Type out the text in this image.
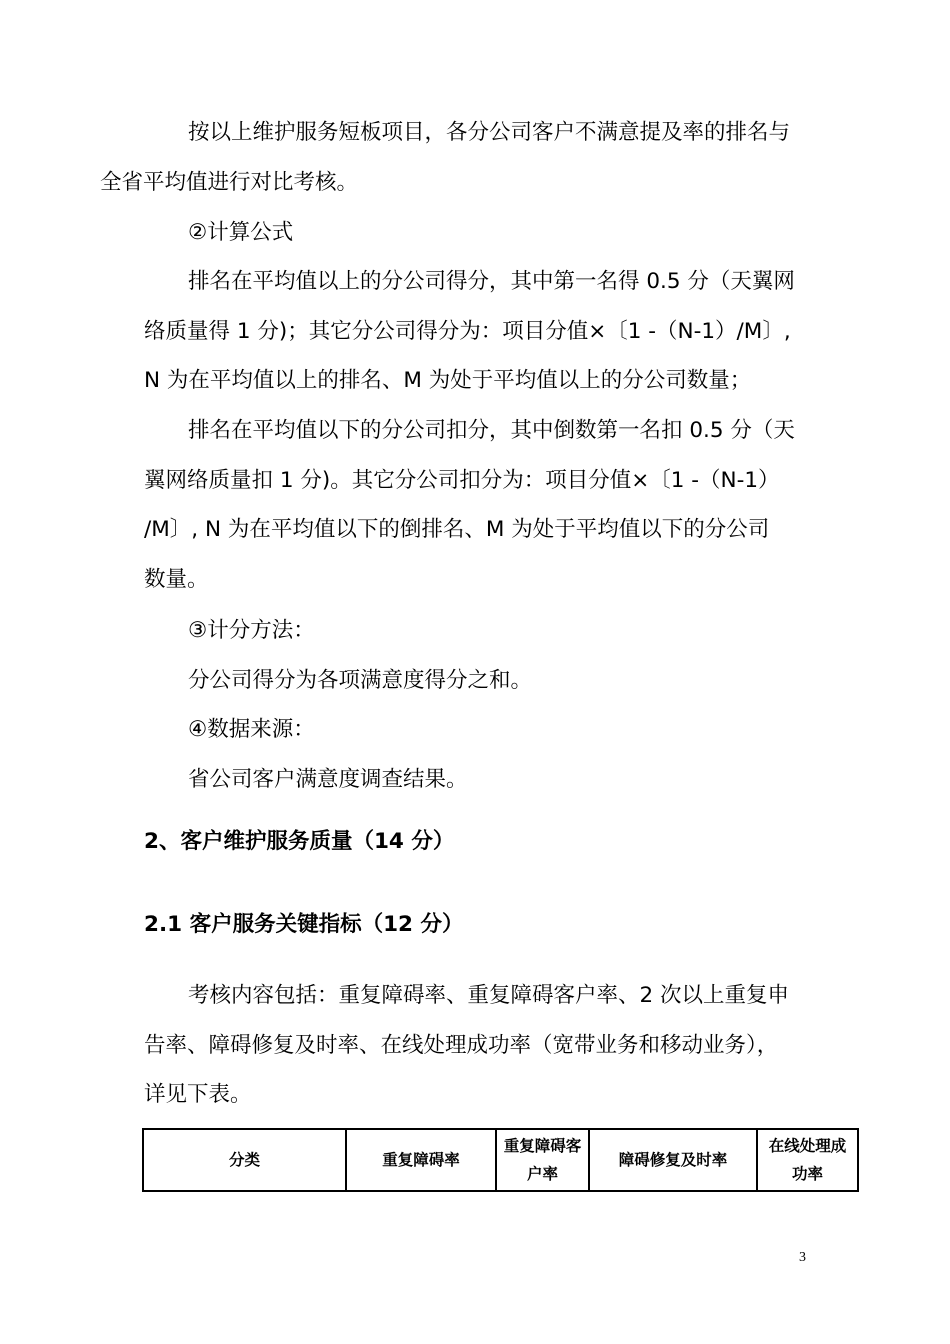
按以上维护服务短板项目，各分公司客户不满意提及率的排名与
全省平均值进行对比考核。

②计算公式

排名在平均值以上的分公司得分，其中第一名得 0.5 分（天翼网
络质量得 1 分)；其它分公司得分为：项目分值×〔1 -（N-1）/M〕,
N 为在平均值以上的排名、M 为处于平均值以上的分公司数量；

排名在平均值以下的分公司扣分，其中倒数第一名扣 0.5 分（天
翼网络质量扣 1 分)。其它分公司扣分为：项目分值×〔1 -（N-1）
/M〕, N 为在平均值以下的倒排名、M 为处于平均值以下的分公司
数量。

③计分方法：

分公司得分为各项满意度得分之和。

④数据来源：

省公司客户满意度调查结果。

2、客户维护服务质量（14 分）
2.1 客户服务关键指标（12 分）

考核内容包括：重复障碍率、重复障碍客户率、2 次以上重复申
告率、障碍修复及时率、在线处理成功率（宽带业务和移动业务），
详见下表。

分类	重复障碍率	重复障碍客户率	障碍修复及时率	在线处理成功率
3
